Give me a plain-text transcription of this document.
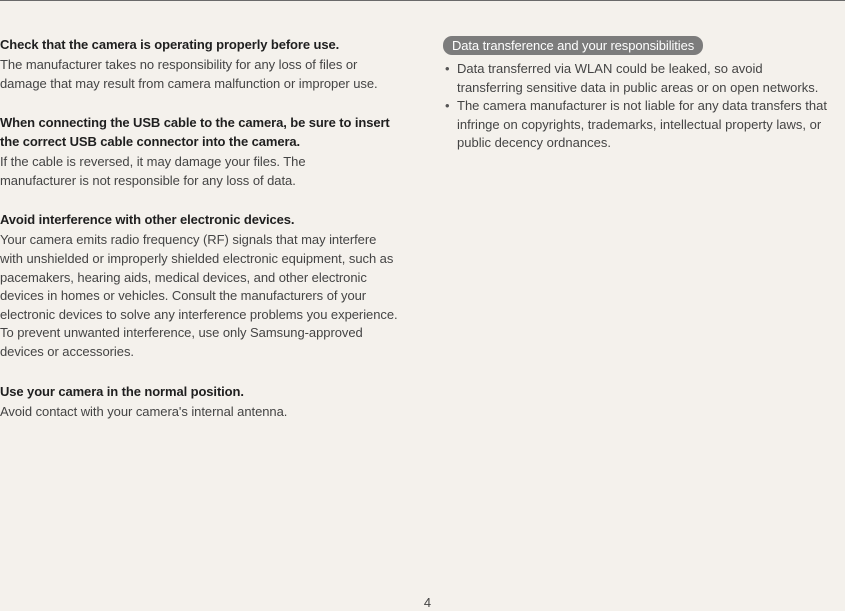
Check that the camera is operating properly before use.

The manufacturer takes no responsibility for any loss of files or damage that may result from camera malfunction or improper use.

When connecting the USB cable to the camera, be sure to insert the correct USB cable connector into the camera.

If the cable is reversed, it may damage your files. The manufacturer is not responsible for any loss of data.

Avoid interference with other electronic devices.

Your camera emits radio frequency (RF) signals that may interfere with unshielded or improperly shielded electronic equipment, such as pacemakers, hearing aids, medical devices, and other electronic devices in homes or vehicles. Consult the manufacturers of your electronic devices to solve any interference problems you experience. To prevent unwanted interference, use only Samsung-approved devices or accessories.

Use your camera in the normal position.

Avoid contact with your camera's internal antenna.

Data transference and your responsibilities
• Data transferred via WLAN could be leaked, so avoid transferring sensitive data in public areas or on open networks.
• The camera manufacturer is not liable for any data transfers that infringe on copyrights, trademarks, intellectual property laws, or public decency ordnances.
4
